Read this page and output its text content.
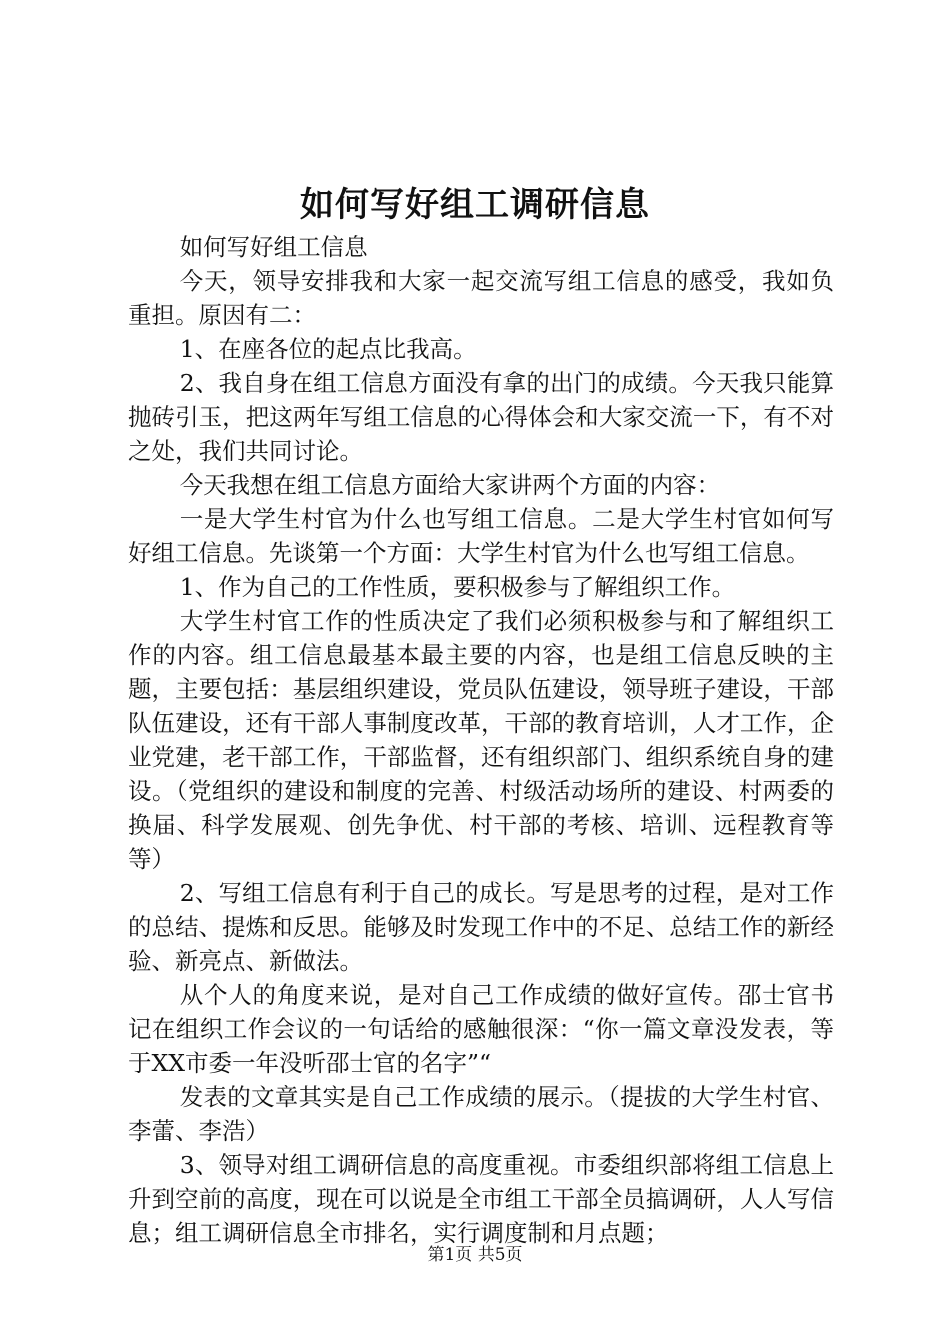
如何写好组工调研信息

如何写好组工信息

今天，领导安排我和大家一起交流写组工信息的感受，我如负重担。原因有二：

1、在座各位的起点比我高。

2、我自身在组工信息方面没有拿的出门的成绩。今天我只能算抛砖引玉，把这两年写组工信息的心得体会和大家交流一下，有不对之处，我们共同讨论。

今天我想在组工信息方面给大家讲两个方面的内容：

一是大学生村官为什么也写组工信息。二是大学生村官如何写好组工信息。先谈第一个方面：大学生村官为什么也写组工信息。

1、作为自己的工作性质，要积极参与了解组织工作。

大学生村官工作的性质决定了我们必须积极参与和了解组织工作的内容。组工信息最基本最主要的内容，也是组工信息反映的主题，主要包括：基层组织建设，党员队伍建设，领导班子建设，干部队伍建设，还有干部人事制度改革，干部的教育培训，人才工作，企业党建，老干部工作，干部监督，还有组织部门、组织系统自身的建设。（党组织的建设和制度的完善、村级活动场所的建设、村两委的换届、科学发展观、创先争优、村干部的考核、培训、远程教育等等）

2、写组工信息有利于自己的成长。写是思考的过程，是对工作的总结、提炼和反思。能够及时发现工作中的不足、总结工作的新经验、新亮点、新做法。

从个人的角度来说，是对自己工作成绩的做好宣传。邵士官书记在组织工作会议的一句话给的感触很深：“你一篇文章没发表，等于XX市委一年没听邵士官的名字”“

发表的文章其实是自己工作成绩的展示。（提拔的大学生村官、李蕾、李浩）

3、领导对组工调研信息的高度重视。市委组织部将组工信息上升到空前的高度，现在可以说是全市组工干部全员搞调研，人人写信息；组工调研信息全市排名，实行调度制和月点题；

第1页 共5页
